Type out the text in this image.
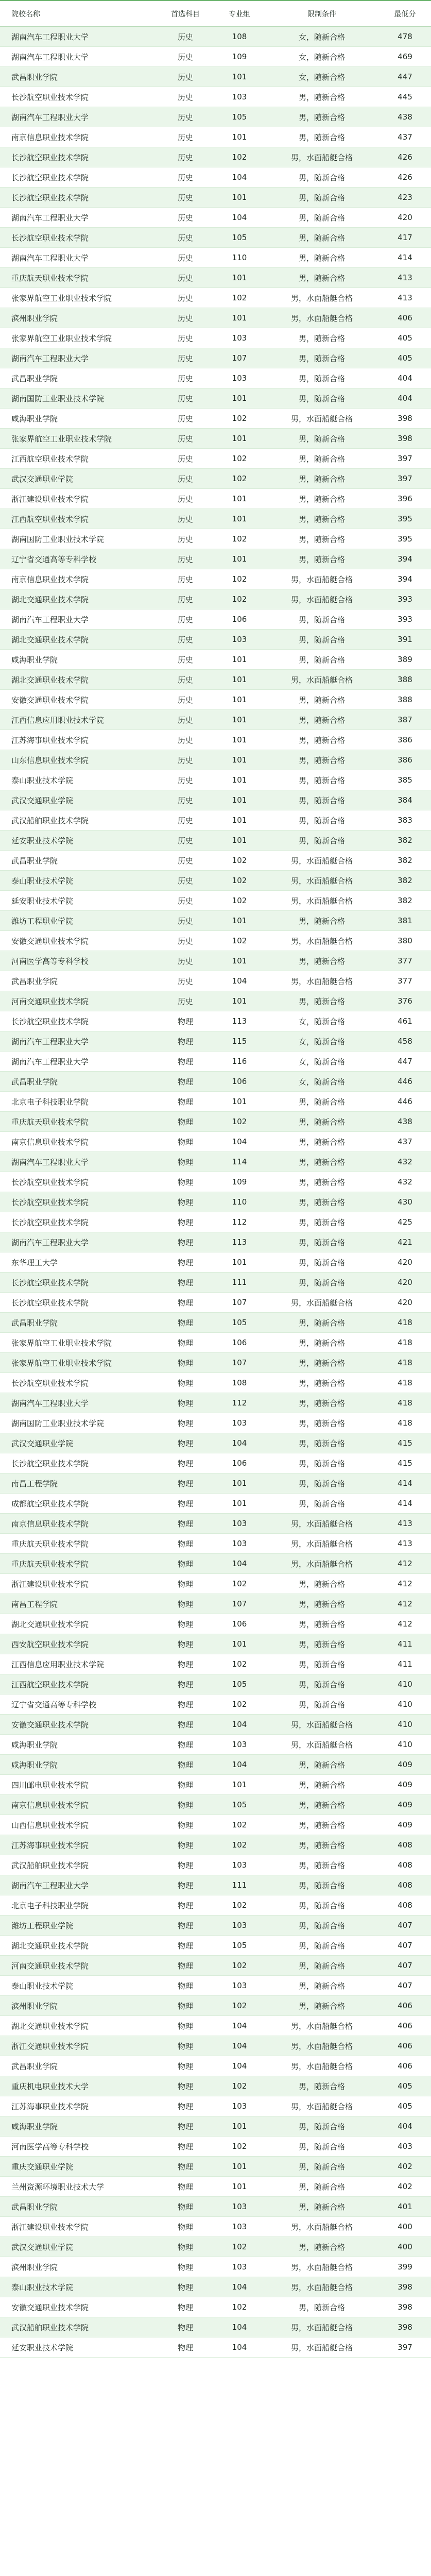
院校名称	首选科目	专业组	限制条件	最低分
湖南汽车工程职业大学	历史	108	女，随新合格	478
湖南汽车工程职业大学	历史	109	女，随新合格	469
武昌职业学院	历史	101	女，随新合格	447
长沙航空职业技术学院	历史	103	男，随新合格	445
湖南汽车工程职业大学	历史	105	男，随新合格	438
南京信息职业技术学院	历史	101	男，随新合格	437
长沙航空职业技术学院	历史	102	男，水面船艇合格	426
长沙航空职业技术学院	历史	104	男，随新合格	426
长沙航空职业技术学院	历史	101	男，随新合格	423
湖南汽车工程职业大学	历史	104	男，随新合格	420
长沙航空职业技术学院	历史	105	男，随新合格	417
湖南汽车工程职业大学	历史	110	男，随新合格	414
重庆航天职业技术学院	历史	101	男，随新合格	413
张家界航空工业职业技术学院	历史	102	男，水面船艇合格	413
滨州职业学院	历史	101	男，水面船艇合格	406
张家界航空工业职业技术学院	历史	103	男，随新合格	405
湖南汽车工程职业大学	历史	107	男，随新合格	405
武昌职业学院	历史	103	男，随新合格	404
湖南国防工业职业技术学院	历史	101	男，随新合格	404
咸海职业学院	历史	102	男，水面船艇合格	398
张家界航空工业职业技术学院	历史	101	男，随新合格	398
江西航空职业技术学院	历史	102	男，随新合格	397
武汉交通职业学院	历史	102	男，随新合格	397
浙江建设职业技术学院	历史	101	男，随新合格	396
江西航空职业技术学院	历史	101	男，随新合格	395
湖南国防工业职业技术学院	历史	102	男，随新合格	395
辽宁省交通高等专科学校	历史	101	男，随新合格	394
南京信息职业技术学院	历史	102	男，水面船艇合格	394
湖北交通职业技术学院	历史	102	男，水面船艇合格	393
湖南汽车工程职业大学	历史	106	男，随新合格	393
湖北交通职业技术学院	历史	103	男，随新合格	391
咸海职业学院	历史	101	男，随新合格	389
湖北交通职业技术学院	历史	101	男，水面船艇合格	388
安徽交通职业技术学院	历史	101	男，随新合格	388
江西信息应用职业技术学院	历史	101	男，随新合格	387
江苏海事职业技术学院	历史	101	男，随新合格	386
山东信息职业技术学院	历史	101	男，随新合格	386
泰山职业技术学院	历史	101	男，随新合格	385
武汉交通职业学院	历史	101	男，随新合格	384
武汉船舶职业技术学院	历史	101	男，随新合格	383
延安职业技术学院	历史	101	男，随新合格	382
武昌职业学院	历史	102	男，水面船艇合格	382
泰山职业技术学院	历史	102	男，水面船艇合格	382
延安职业技术学院	历史	102	男，水面船艇合格	382
潍坊工程职业学院	历史	101	男，随新合格	381
安徽交通职业技术学院	历史	102	男，水面船艇合格	380
河南医学高等专科学校	历史	101	男，随新合格	377
武昌职业学院	历史	104	男，水面船艇合格	377
河南交通职业技术学院	历史	101	男，随新合格	376
长沙航空职业技术学院	物理	113	女，随新合格	461
湖南汽车工程职业大学	物理	115	女，随新合格	458
湖南汽车工程职业大学	物理	116	女，随新合格	447
武昌职业学院	物理	106	女，随新合格	446
北京电子科技职业学院	物理	101	男，随新合格	446
重庆航天职业技术学院	物理	102	男，随新合格	438
南京信息职业技术学院	物理	104	男，随新合格	437
湖南汽车工程职业大学	物理	114	男，随新合格	432
长沙航空职业技术学院	物理	109	男，随新合格	432
长沙航空职业技术学院	物理	110	男，随新合格	430
长沙航空职业技术学院	物理	112	男，随新合格	425
湖南汽车工程职业大学	物理	113	男，随新合格	421
东华理工大学	物理	101	男，随新合格	420
长沙航空职业技术学院	物理	111	男，随新合格	420
长沙航空职业技术学院	物理	107	男，水面船艇合格	420
武昌职业学院	物理	105	男，随新合格	418
张家界航空工业职业技术学院	物理	106	男，随新合格	418
张家界航空工业职业技术学院	物理	107	男，随新合格	418
长沙航空职业技术学院	物理	108	男，随新合格	418
湖南汽车工程职业大学	物理	112	男，随新合格	418
湖南国防工业职业技术学院	物理	103	男，随新合格	418
武汉交通职业学院	物理	104	男，随新合格	415
长沙航空职业技术学院	物理	106	男，随新合格	415
南昌工程学院	物理	101	男，随新合格	414
成都航空职业技术学院	物理	101	男，随新合格	414
南京信息职业技术学院	物理	103	男，水面船艇合格	413
重庆航天职业技术学院	物理	103	男，水面船艇合格	413
重庆航天职业技术学院	物理	104	男，水面船艇合格	412
浙江建设职业技术学院	物理	102	男，随新合格	412
南昌工程学院	物理	107	男，随新合格	412
湖北交通职业技术学院	物理	106	男，随新合格	412
西安航空职业技术学院	物理	101	男，随新合格	411
江西信息应用职业技术学院	物理	102	男，随新合格	411
江西航空职业技术学院	物理	105	男，随新合格	410
辽宁省交通高等专科学校	物理	102	男，随新合格	410
安徽交通职业技术学院	物理	104	男，水面船艇合格	410
咸海职业学院	物理	103	男，水面船艇合格	410
咸海职业学院	物理	104	男，随新合格	409
四川邮电职业技术学院	物理	101	男，随新合格	409
南京信息职业技术学院	物理	105	男，随新合格	409
山西信息职业技术学院	物理	102	男，随新合格	409
江苏海事职业技术学院	物理	102	男，随新合格	408
武汉船舶职业技术学院	物理	103	男，随新合格	408
湖南汽车工程职业大学	物理	111	男，随新合格	408
北京电子科技职业学院	物理	102	男，随新合格	408
潍坊工程职业学院	物理	103	男，随新合格	407
湖北交通职业技术学院	物理	105	男，随新合格	407
河南交通职业技术学院	物理	102	男，随新合格	407
泰山职业技术学院	物理	103	男，随新合格	407
滨州职业学院	物理	102	男，随新合格	406
湖北交通职业技术学院	物理	104	男，水面船艇合格	406
浙江交通职业技术学院	物理	104	男，水面船艇合格	406
武昌职业学院	物理	104	男，水面船艇合格	406
重庆机电职业技术大学	物理	102	男，随新合格	405
江苏海事职业技术学院	物理	103	男，水面船艇合格	405
咸海职业学院	物理	101	男，随新合格	404
河南医学高等专科学校	物理	102	男，随新合格	403
重庆交通职业学院	物理	101	男，随新合格	402
兰州资源环境职业技术大学	物理	101	男，随新合格	402
武昌职业学院	物理	103	男，随新合格	401
浙江建设职业技术学院	物理	103	男，水面船艇合格	400
武汉交通职业学院	物理	102	男，随新合格	400
滨州职业学院	物理	103	男，水面船艇合格	399
泰山职业技术学院	物理	104	男，水面船艇合格	398
安徽交通职业技术学院	物理	102	男，随新合格	398
武汉船舶职业技术学院	物理	104	男，水面船艇合格	398
延安职业技术学院	物理	104	男，水面船艇合格	397
